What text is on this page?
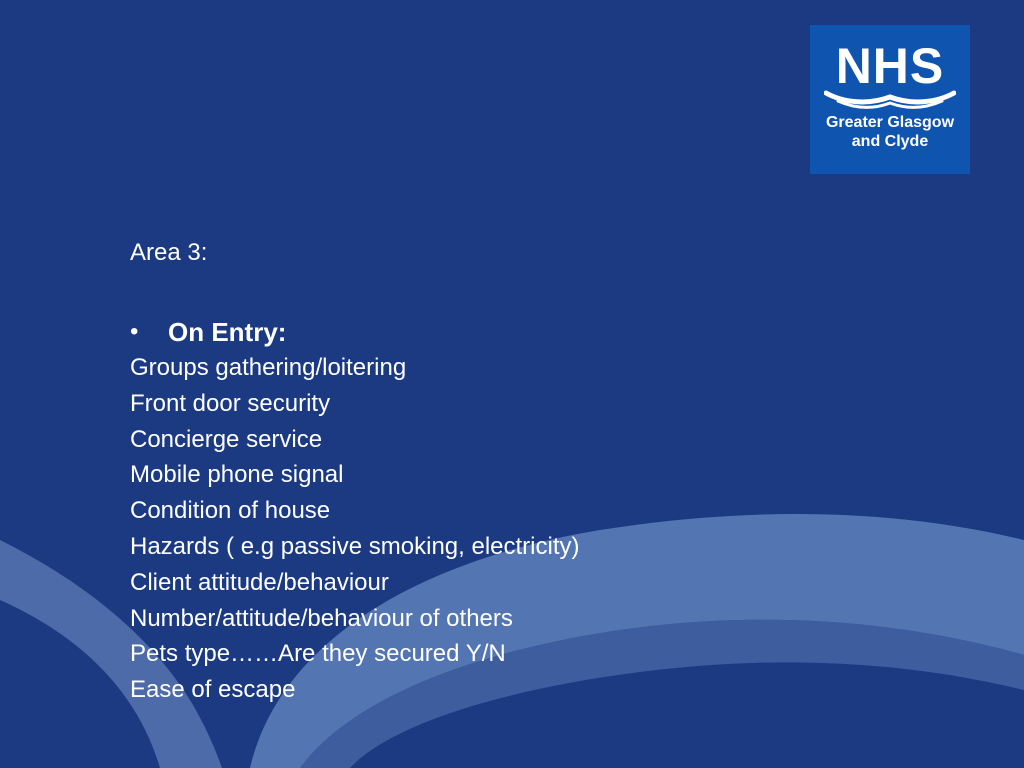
NHS
Greater Glasgow
and Clyde
Area 3:
•	On Entry:
Groups gathering/loitering
Front door security
Concierge service
Mobile phone signal
Condition of house
Hazards ( e.g passive smoking, electricity)
Client attitude/behaviour
Number/attitude/behaviour of others
Pets type……Are they secured Y/N
Ease of escape
